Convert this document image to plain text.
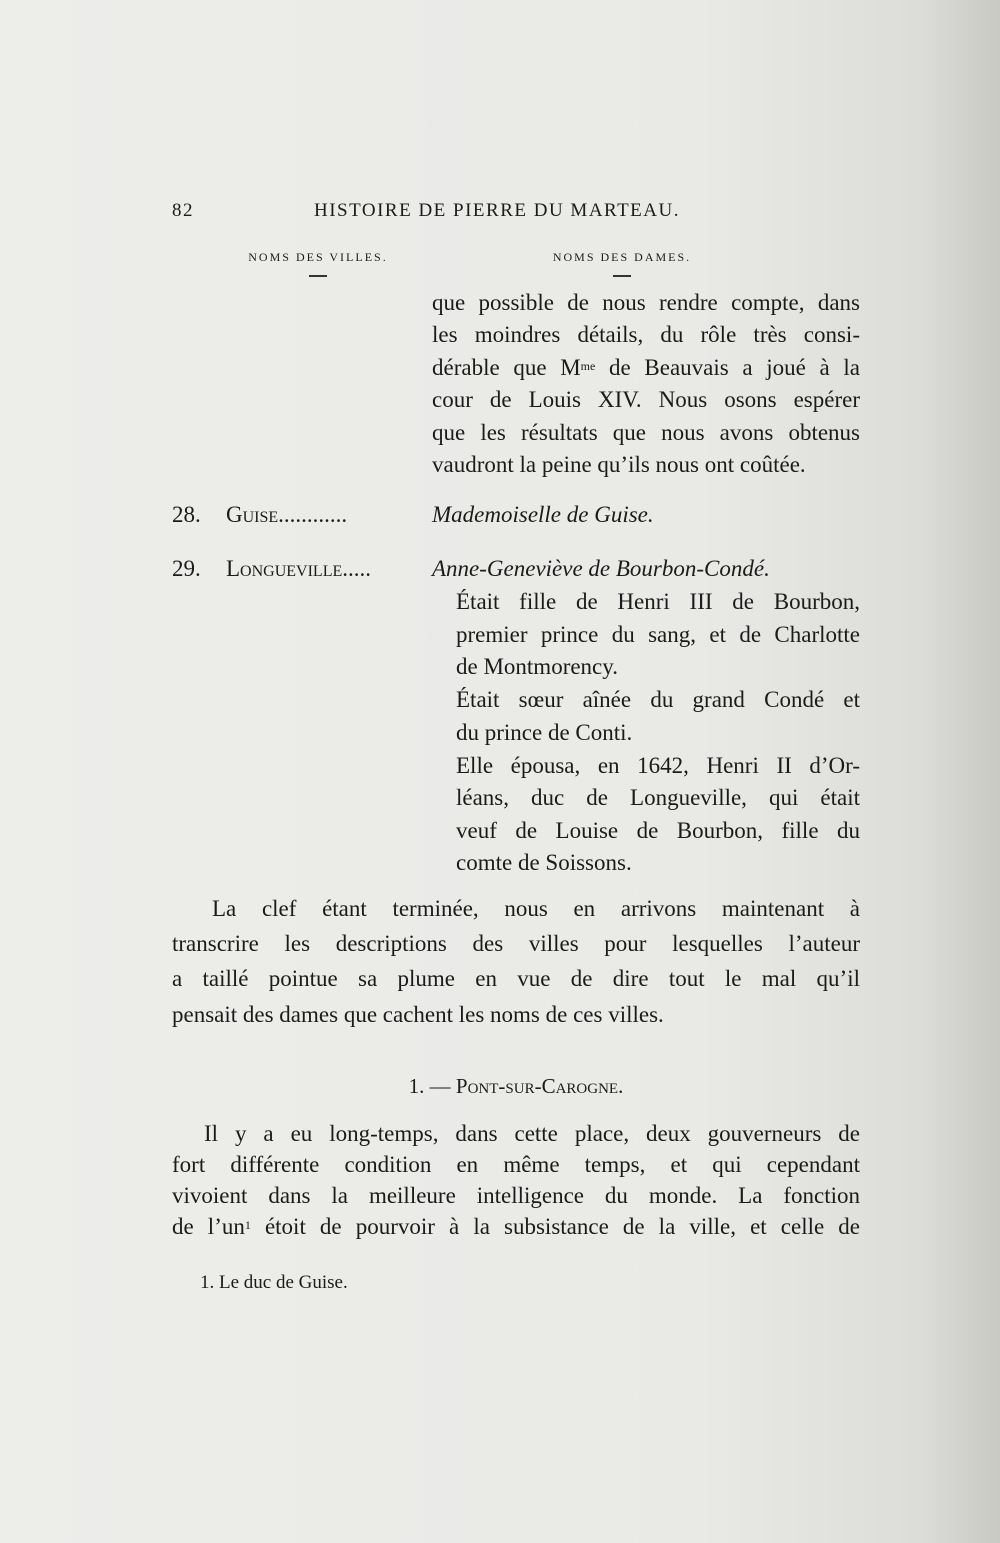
82	HISTOIRE DE PIERRE DU MARTEAU.
NOMS DES VILLES.	NOMS DES DAMES.
que possible de nous rendre compte, dans
les moindres détails, du rôle très consi-
dérable que $M^{me}$ de Beauvais a joué à la
cour de Louis XIV. Nous osons espérer
que les résultats que nous avons obtenus
vaudront la peine qu’ils nous ont coûtée.
28. Guise............	Mademoiselle de Guise.
29. Longueville.....	Anne-Geneviève de Bourbon-Condé.
Était fille de Henri III de Bourbon,
premier prince du sang, et de Charlotte
de Montmorency.
Était sœur aînée du grand Condé et
du prince de Conti.
Elle épousa, en 1642, Henri II d’Or-
léans, duc de Longueville, qui était
veuf de Louise de Bourbon, fille du
comte de Soissons.
La clef étant terminée, nous en arrivons maintenant à
transcrire les descriptions des villes pour lesquelles l’auteur
a taillé pointue sa plume en vue de dire tout le mal qu’il
pensait des dames que cachent les noms de ces villes.
1. — Pont-sur-Carogne.
Il y a eu long-temps, dans cette place, deux gouverneurs de
fort différente condition en même temps, et qui cependant
vivoient dans la meilleure intelligence du monde. La fonction
de $l’un^1$ étoit de pourvoir à la subsistance de la ville, et celle de
1. Le duc de Guise.
